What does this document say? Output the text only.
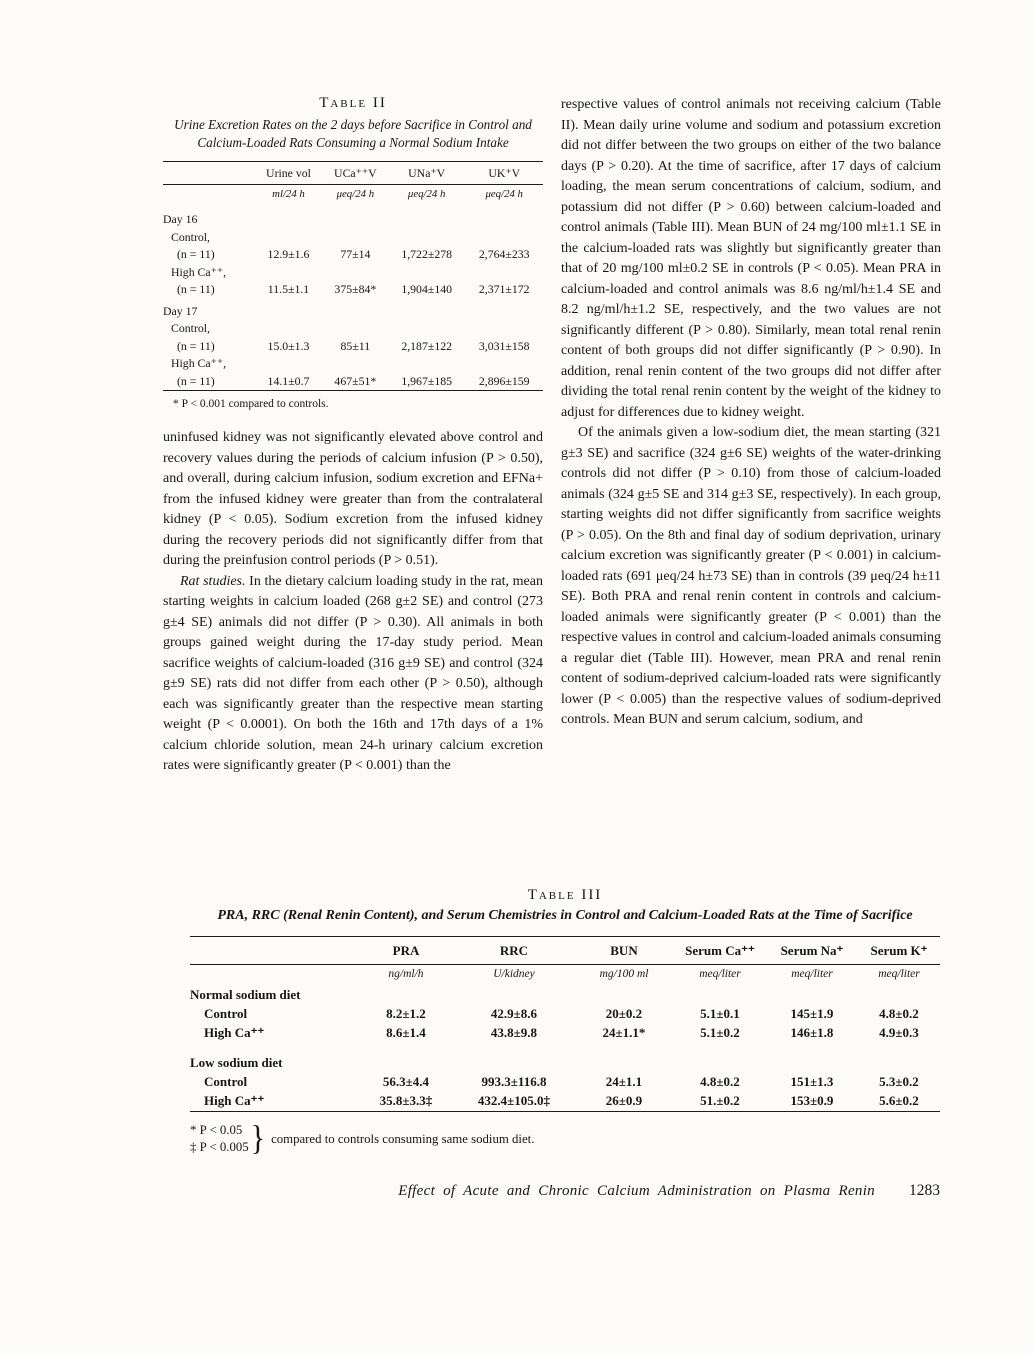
Table II
Urine Excretion Rates on the 2 days before Sacrifice in Control and Calcium-Loaded Rats Consuming a Normal Sodium Intake
	Urine vol	UCa⁺⁺V	UNa⁺V	UK⁺V
	ml/24 h	μeq/24 h	μeq/24 h	μeq/24 h
Day 16				
Control,				
(n = 11)	12.9±1.6	77±14	1,722±278	2,764±233
High Ca⁺⁺,				
(n = 11)	11.5±1.1	375±84*	1,904±140	2,371±172
Day 17				
Control,				
(n = 11)	15.0±1.3	85±11	2,187±122	3,031±158
High Ca⁺⁺,				
(n = 11)	14.1±0.7	467±51*	1,967±185	2,896±159
* P < 0.001 compared to controls.

uninfused kidney was not significantly elevated above control and recovery values during the periods of calcium infusion (P > 0.50), and overall, during calcium infusion, sodium excretion and EFNa+ from the infused kidney were greater than from the contralateral kidney (P < 0.05). Sodium excretion from the infused kidney during the recovery periods did not significantly differ from that during the preinfusion control periods (P > 0.51).

Rat studies. In the dietary calcium loading study in the rat, mean starting weights in calcium loaded (268 g±2 SE) and control (273 g±4 SE) animals did not differ (P > 0.30). All animals in both groups gained weight during the 17-day study period. Mean sacrifice weights of calcium-loaded (316 g±9 SE) and control (324 g±9 SE) rats did not differ from each other (P > 0.50), although each was significantly greater than the respective mean starting weight (P < 0.0001). On both the 16th and 17th days of a 1% calcium chloride solution, mean 24-h urinary calcium excretion rates were significantly greater (P < 0.001) than the

respective values of control animals not receiving calcium (Table II). Mean daily urine volume and sodium and potassium excretion did not differ between the two groups on either of the two balance days (P > 0.20). At the time of sacrifice, after 17 days of calcium loading, the mean serum concentrations of calcium, sodium, and potassium did not differ (P > 0.60) between calcium-loaded and control animals (Table III). Mean BUN of 24 mg/100 ml±1.1 SE in the calcium-loaded rats was slightly but significantly greater than that of 20 mg/100 ml±0.2 SE in controls (P < 0.05). Mean PRA in calcium-loaded and control animals was 8.6 ng/ml/h±1.4 SE and 8.2 ng/ml/h±1.2 SE, respectively, and the two values are not significantly different (P > 0.80). Similarly, mean total renal renin content of both groups did not differ significantly (P > 0.90). In addition, renal renin content of the two groups did not differ after dividing the total renal renin content by the weight of the kidney to adjust for differences due to kidney weight.

Of the animals given a low-sodium diet, the mean starting (321 g±3 SE) and sacrifice (324 g±6 SE) weights of the water-drinking controls did not differ (P > 0.10) from those of calcium-loaded animals (324 g±5 SE and 314 g±3 SE, respectively). In each group, starting weights did not differ significantly from sacrifice weights (P > 0.05). On the 8th and final day of sodium deprivation, urinary calcium excretion was significantly greater (P < 0.001) in calcium-loaded rats (691 μeq/24 h±73 SE) than in controls (39 μeq/24 h±11 SE). Both PRA and renal renin content in controls and calcium-loaded animals were significantly greater (P < 0.001) than the respective values in control and calcium-loaded animals consuming a regular diet (Table III). However, mean PRA and renal renin content of sodium-deprived calcium-loaded rats were significantly lower (P < 0.005) than the respective values of sodium-deprived controls. Mean BUN and serum calcium, sodium, and

Table III
PRA, RRC (Renal Renin Content), and Serum Chemistries in Control and Calcium-Loaded Rats at the Time of Sacrifice
	PRA	RRC	BUN	Serum Ca⁺⁺	Serum Na⁺	Serum K⁺
	ng/ml/h	U/kidney	mg/100 ml	meq/liter	meq/liter	meq/liter
Normal sodium diet						
Control	8.2±1.2	42.9±8.6	20±0.2	5.1±0.1	145±1.9	4.8±0.2
High Ca⁺⁺	8.6±1.4	43.8±9.8	24±1.1*	5.1±0.2	146±1.8	4.9±0.3
Low sodium diet						
Control	56.3±4.4	993.3±116.8	24±1.1	4.8±0.2	151±1.3	5.3±0.2
High Ca⁺⁺	35.8±3.3‡	432.4±105.0‡	26±0.9	51.±0.2	153±0.9	5.6±0.2
* P < 0.05
‡ P < 0.005 } compared to controls consuming same sodium diet.
Effect of Acute and Chronic Calcium Administration on Plasma Renin 1283
